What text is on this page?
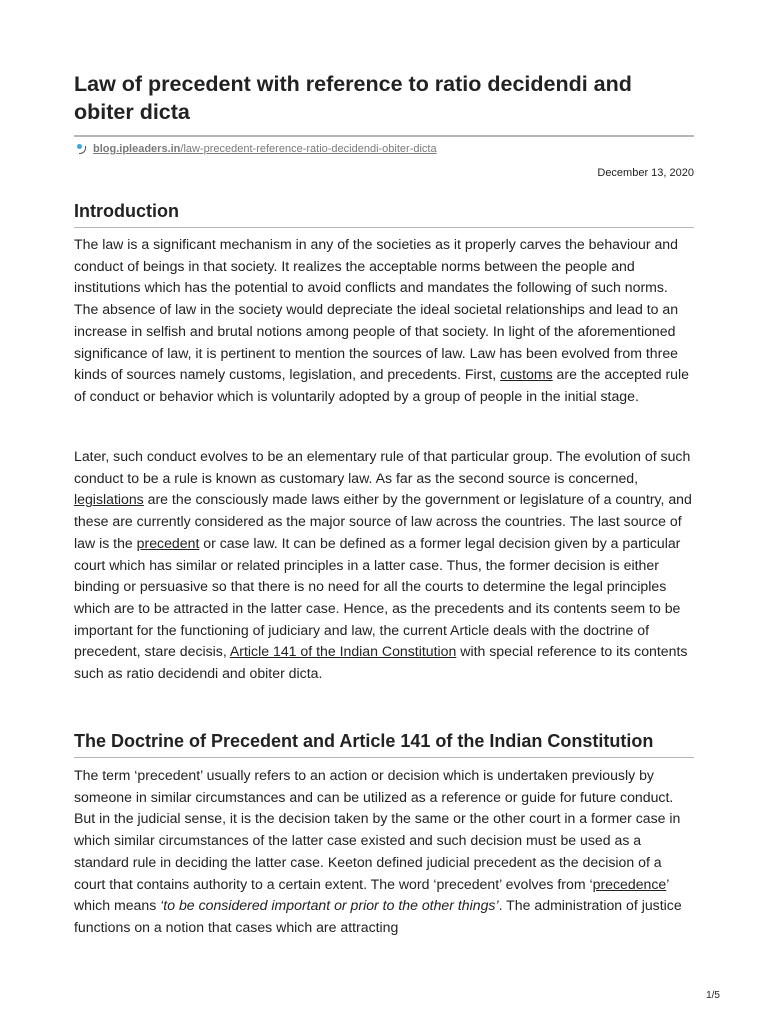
Law of precedent with reference to ratio decidendi and obiter dicta
blog.ipleaders.in/law-precedent-reference-ratio-decidendi-obiter-dicta
December 13, 2020
Introduction

The law is a significant mechanism in any of the societies as it properly carves the behaviour and conduct of beings in that society. It realizes the acceptable norms between the people and institutions which has the potential to avoid conflicts and mandates the following of such norms. The absence of law in the society would depreciate the ideal societal relationships and lead to an increase in selfish and brutal notions among people of that society. In light of the aforementioned significance of law, it is pertinent to mention the sources of law. Law has been evolved from three kinds of sources namely customs, legislation, and precedents. First, customs are the accepted rule of conduct or behavior which is voluntarily adopted by a group of people in the initial stage.

Later, such conduct evolves to be an elementary rule of that particular group. The evolution of such conduct to be a rule is known as customary law. As far as the second source is concerned, legislations are the consciously made laws either by the government or legislature of a country, and these are currently considered as the major source of law across the countries. The last source of law is the precedent or case law. It can be defined as a former legal decision given by a particular court which has similar or related principles in a latter case. Thus, the former decision is either binding or persuasive so that there is no need for all the courts to determine the legal principles which are to be attracted in the latter case. Hence, as the precedents and its contents seem to be important for the functioning of judiciary and law, the current Article deals with the doctrine of precedent, stare decisis, Article 141 of the Indian Constitution with special reference to its contents such as ratio decidendi and obiter dicta.

The Doctrine of Precedent and Article 141 of the Indian Constitution

The term ‘precedent’ usually refers to an action or decision which is undertaken previously by someone in similar circumstances and can be utilized as a reference or guide for future conduct. But in the judicial sense, it is the decision taken by the same or the other court in a former case in which similar circumstances of the latter case existed and such decision must be used as a standard rule in deciding the latter case. Keeton defined judicial precedent as the decision of a court that contains authority to a certain extent. The word ‘precedent’ evolves from ‘precedence’ which means ‘to be considered important or prior to the other things’. The administration of justice functions on a notion that cases which are attracting

1/5
